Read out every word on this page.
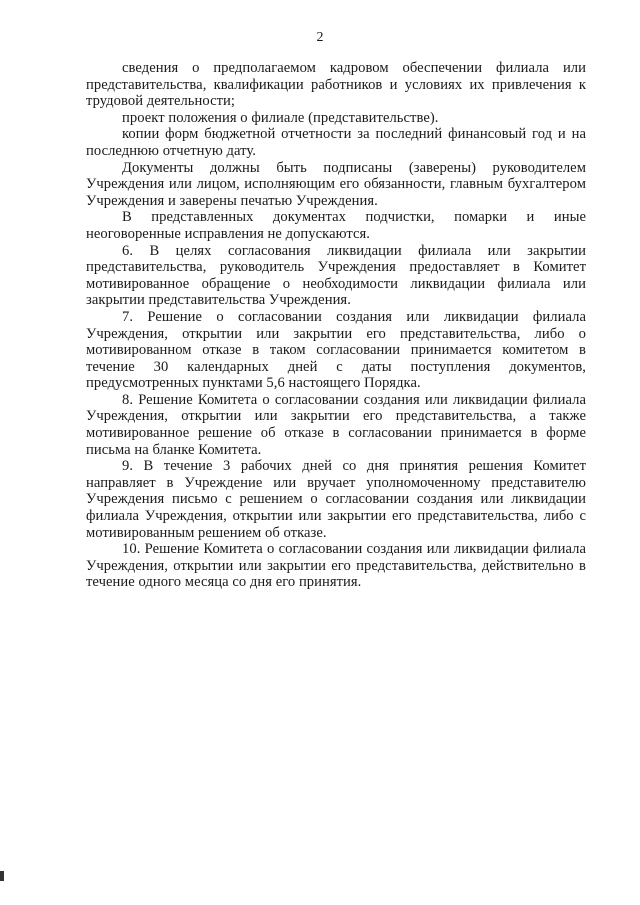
2

сведения о предполагаемом кадровом обеспечении филиала или представительства, квалификации работников и условиях их привлечения к трудовой деятельности;

проект положения о филиале (представительстве).

копии форм бюджетной отчетности за последний финансовый год и на последнюю отчетную дату.

Документы должны быть подписаны (заверены) руководителем Учреждения или лицом, исполняющим его обязанности, главным бухгалтером Учреждения и заверены печатью Учреждения.

В представленных документах подчистки, помарки и иные неоговоренные исправления не допускаются.

6. В целях согласования ликвидации филиала или закрытии представительства, руководитель Учреждения предоставляет в Комитет мотивированное обращение о необходимости ликвидации филиала или закрытии представительства Учреждения.

7. Решение о согласовании создания или ликвидации филиала Учреждения, открытии или закрытии его представительства, либо о мотивированном отказе в таком согласовании принимается комитетом в течение 30 календарных дней с даты поступления документов, предусмотренных пунктами 5,6 настоящего Порядка.

8. Решение Комитета о согласовании создания или ликвидации филиала Учреждения, открытии или закрытии его представительства, а также мотивированное решение об отказе в согласовании принимается в форме письма на бланке Комитета.

9. В течение 3 рабочих дней со дня принятия решения Комитет направляет в Учреждение или вручает уполномоченному представителю Учреждения письмо с решением о согласовании создания или ликвидации филиала Учреждения, открытии или закрытии его представительства, либо с мотивированным решением об отказе.

10. Решение Комитета о согласовании создания или ликвидации филиала Учреждения, открытии или закрытии его представительства, действительно в течение одного месяца со дня его принятия.
